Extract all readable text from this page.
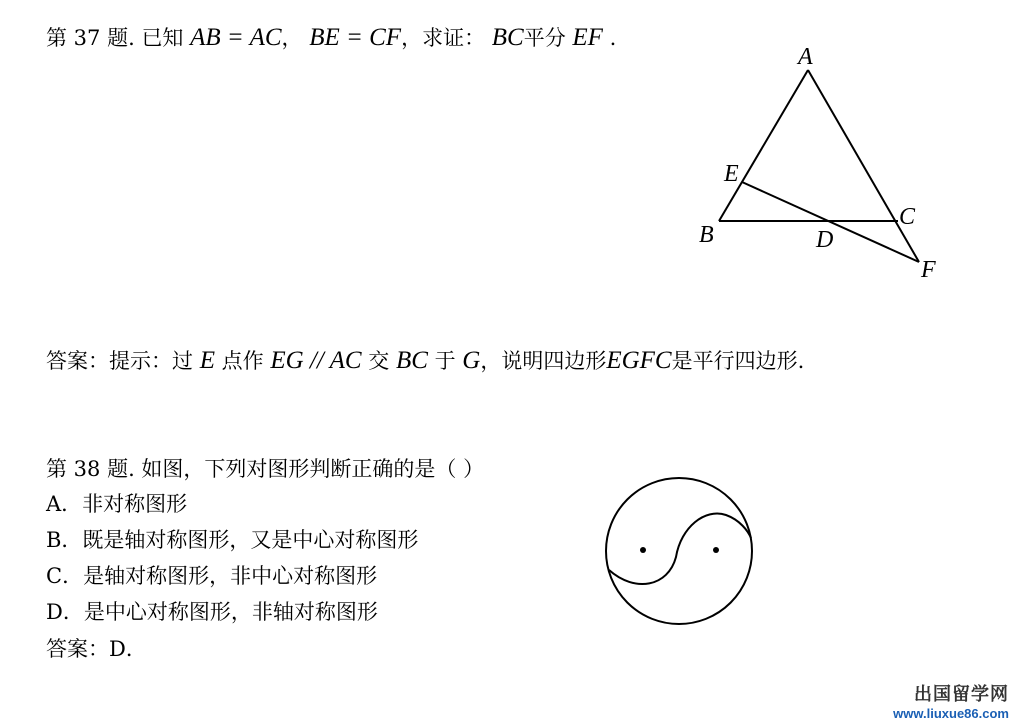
第 37 题. 已知 AB = AC， BE = CF，求证： BC平分 EF .
A
E
C
B	D
F
答案：提示：过 E 点作 EG // AC 交 BC 于 G，说明四边形EGFC是平行四边形.
第 38 题. 如图，下列对图形判断正确的是（ ）
A．非对称图形
B．既是轴对称图形，又是中心对称图形
C．是轴对称图形，非中心对称图形
D．是中心对称图形，非轴对称图形
答案：D．
出国留学网
www.liuxue86.com
